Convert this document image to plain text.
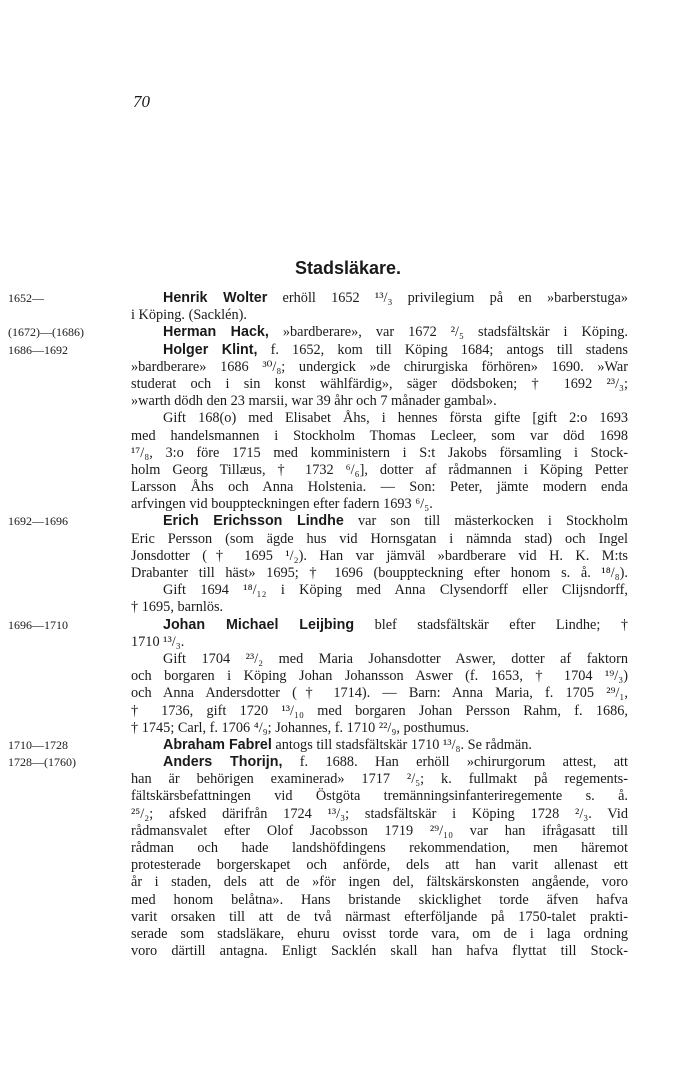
70
Stadsläkare.
1652—	Henrik Wolter erhöll 1652 ¹³/₃ privilegium på en »barberstuga»
i Köping. (Sacklén).
(1672)—(1686)	Herman Hack, »bardberare», var 1672 ²/₅ stadsfältskär i Köping.
1686—1692	Holger Klint, f. 1652, kom till Köping 1684; antogs till stadens
»bardberare» 1686 ³⁰/₈; undergick »de chirurgiska förhören» 1690. »War
studerat och i sin konst wählfärdig», säger dödsboken; † 1692 ²³/₃;
»warth dödh den 23 marsii, war 39 åhr och 7 månader gambal».
Gift 168(o) med Elisabet Åhs, i hennes första gifte [gift 2:o 1693
med handelsmannen i Stockholm Thomas Lecleer, som var död 1698
¹⁷/₈, 3:o före 1715 med komministern i S:t Jakobs församling i Stock-
holm Georg Tillæus, † 1732 ⁶/₆], dotter af rådmannen i Köping Petter
Larsson Åhs och Anna Holstenia. — Son: Peter, jämte modern enda
arfvingen vid bouppteckningen efter fadern 1693 ⁶/₅.
1692—1696	Erich Erichsson Lindhe var son till mästerkocken i Stockholm
Eric Persson (som ägde hus vid Hornsgatan i nämnda stad) och Ingel
Jonsdotter († 1695 ¹/₂). Han var jämväl »bardberare vid H. K. M:ts
Drabanter till häst» 1695; † 1696 (bouppteckning efter honom s. å. ¹⁸/₈).
Gift 1694 ¹⁸/₁₂ i Köping med Anna Clysendorff eller Clijsndorff,
† 1695, barnlös.
1696—1710	Johan Michael Leijbing blef stadsfältskär efter Lindhe; †
1710 ¹³/₃.
Gift 1704 ²³/₂ med Maria Johansdotter Aswer, dotter af faktorn
och borgaren i Köping Johan Johansson Aswer (f. 1653, † 1704 ¹⁹/₃)
och Anna Andersdotter († 1714). — Barn: Anna Maria, f. 1705 ²⁹/₁,
† 1736, gift 1720 ¹³/₁₀ med borgaren Johan Persson Rahm, f. 1686,
† 1745; Carl, f. 1706 ⁴/₉; Johannes, f. 1710 ²²/₉, posthumus.
1710—1728	Abraham Fabrel antogs till stadsfältskär 1710 ¹³/₈. Se rådmän.
1728—(1760)	Anders Thorijn, f. 1688. Han erhöll »chirurgorum attest, att
han är behörigen examinerad» 1717 ²/₅; k. fullmakt på regements-
fältskärsbefattningen vid Östgöta tremänningsinfanteriregemente s. å.
²⁵/₂; afsked därifrån 1724 ¹³/₃; stadsfältskär i Köping 1728 ²/₃. Vid
rådmansvalet efter Olof Jacobsson 1719 ²⁹/₁₀ var han ifrågasatt till
rådman och hade landshöfdingens rekommendation, men häremot
protesterade borgerskapet och anförde, dels att han varit allenast ett
år i staden, dels att de »för ingen del, fältskärskonsten angående, voro
med honom belåtna». Hans bristande skicklighet torde äfven hafva
varit orsaken till att de två närmast efterföljande på 1750-talet prakti-
serade som stadsläkare, ehuru ovisst torde vara, om de i laga ordning
voro därtill antagna. Enligt Sacklén skall han hafva flyttat till Stock-
